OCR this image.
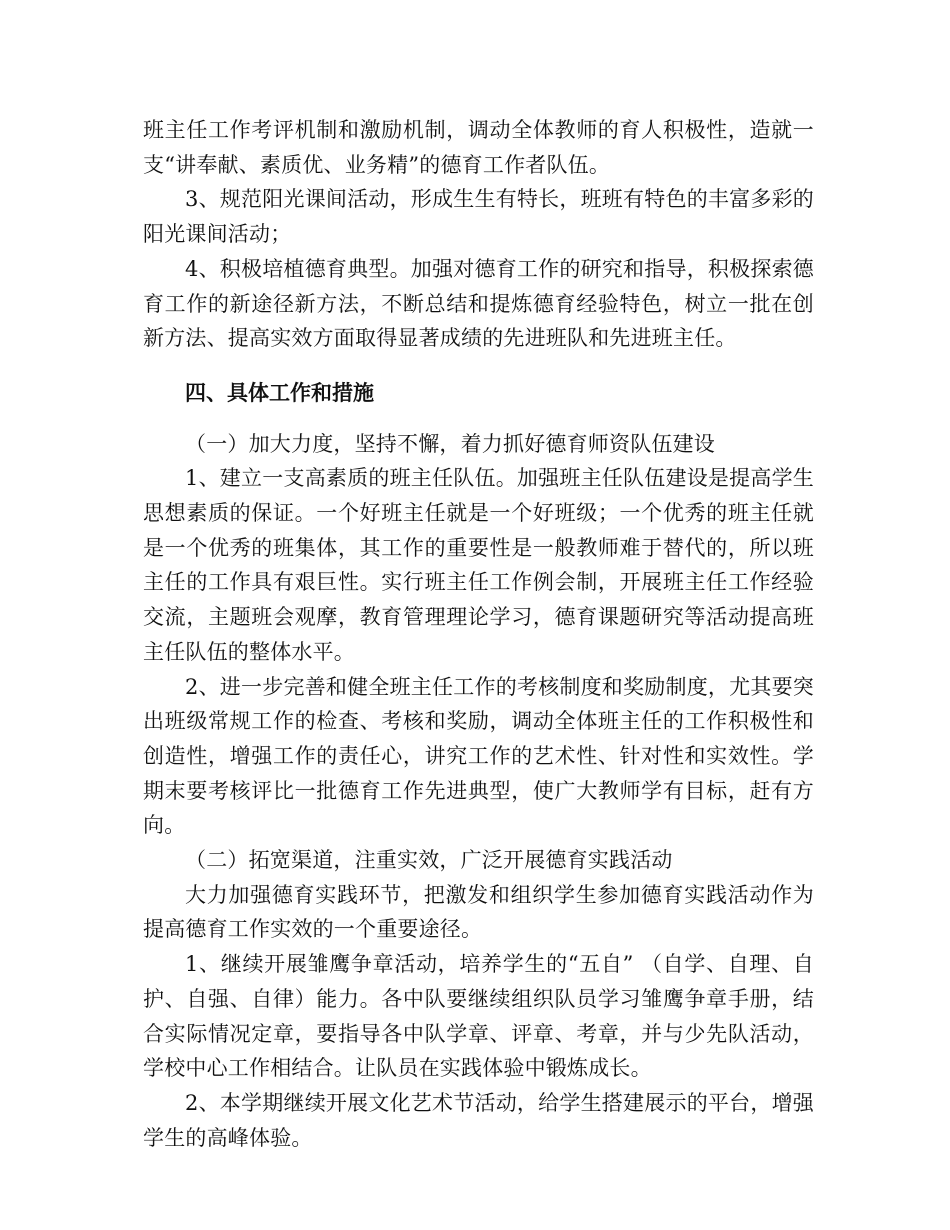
班主任工作考评机制和激励机制，调动全体教师的育人积极性，造就一支“讲奉献、素质优、业务精”的德育工作者队伍。

3、规范阳光课间活动，形成生生有特长，班班有特色的丰富多彩的阳光课间活动；

4、积极培植德育典型。加强对德育工作的研究和指导，积极探索德育工作的新途径新方法，不断总结和提炼德育经验特色，树立一批在创新方法、提高实效方面取得显著成绩的先进班队和先进班主任。

四、具体工作和措施

（一）加大力度，坚持不懈，着力抓好德育师资队伍建设

1、建立一支高素质的班主任队伍。加强班主任队伍建设是提高学生思想素质的保证。一个好班主任就是一个好班级；一个优秀的班主任就是一个优秀的班集体，其工作的重要性是一般教师难于替代的，所以班主任的工作具有艰巨性。实行班主任工作例会制，开展班主任工作经验交流，主题班会观摩，教育管理理论学习，德育课题研究等活动提高班主任队伍的整体水平。

2、进一步完善和健全班主任工作的考核制度和奖励制度，尤其要突出班级常规工作的检查、考核和奖励，调动全体班主任的工作积极性和创造性，增强工作的责任心，讲究工作的艺术性、针对性和实效性。学期末要考核评比一批德育工作先进典型，使广大教师学有目标，赶有方向。

（二）拓宽渠道，注重实效，广泛开展德育实践活动

大力加强德育实践环节，把激发和组织学生参加德育实践活动作为提高德育工作实效的一个重要途径。

1、继续开展雏鹰争章活动，培养学生的“五自” （自学、自理、自护、自强、自律）能力。各中队要继续组织队员学习雏鹰争章手册，结合实际情况定章，要指导各中队学章、评章、考章，并与少先队活动，学校中心工作相结合。让队员在实践体验中锻炼成长。

2、本学期继续开展文化艺术节活动，给学生搭建展示的平台，增强学生的高峰体验。
